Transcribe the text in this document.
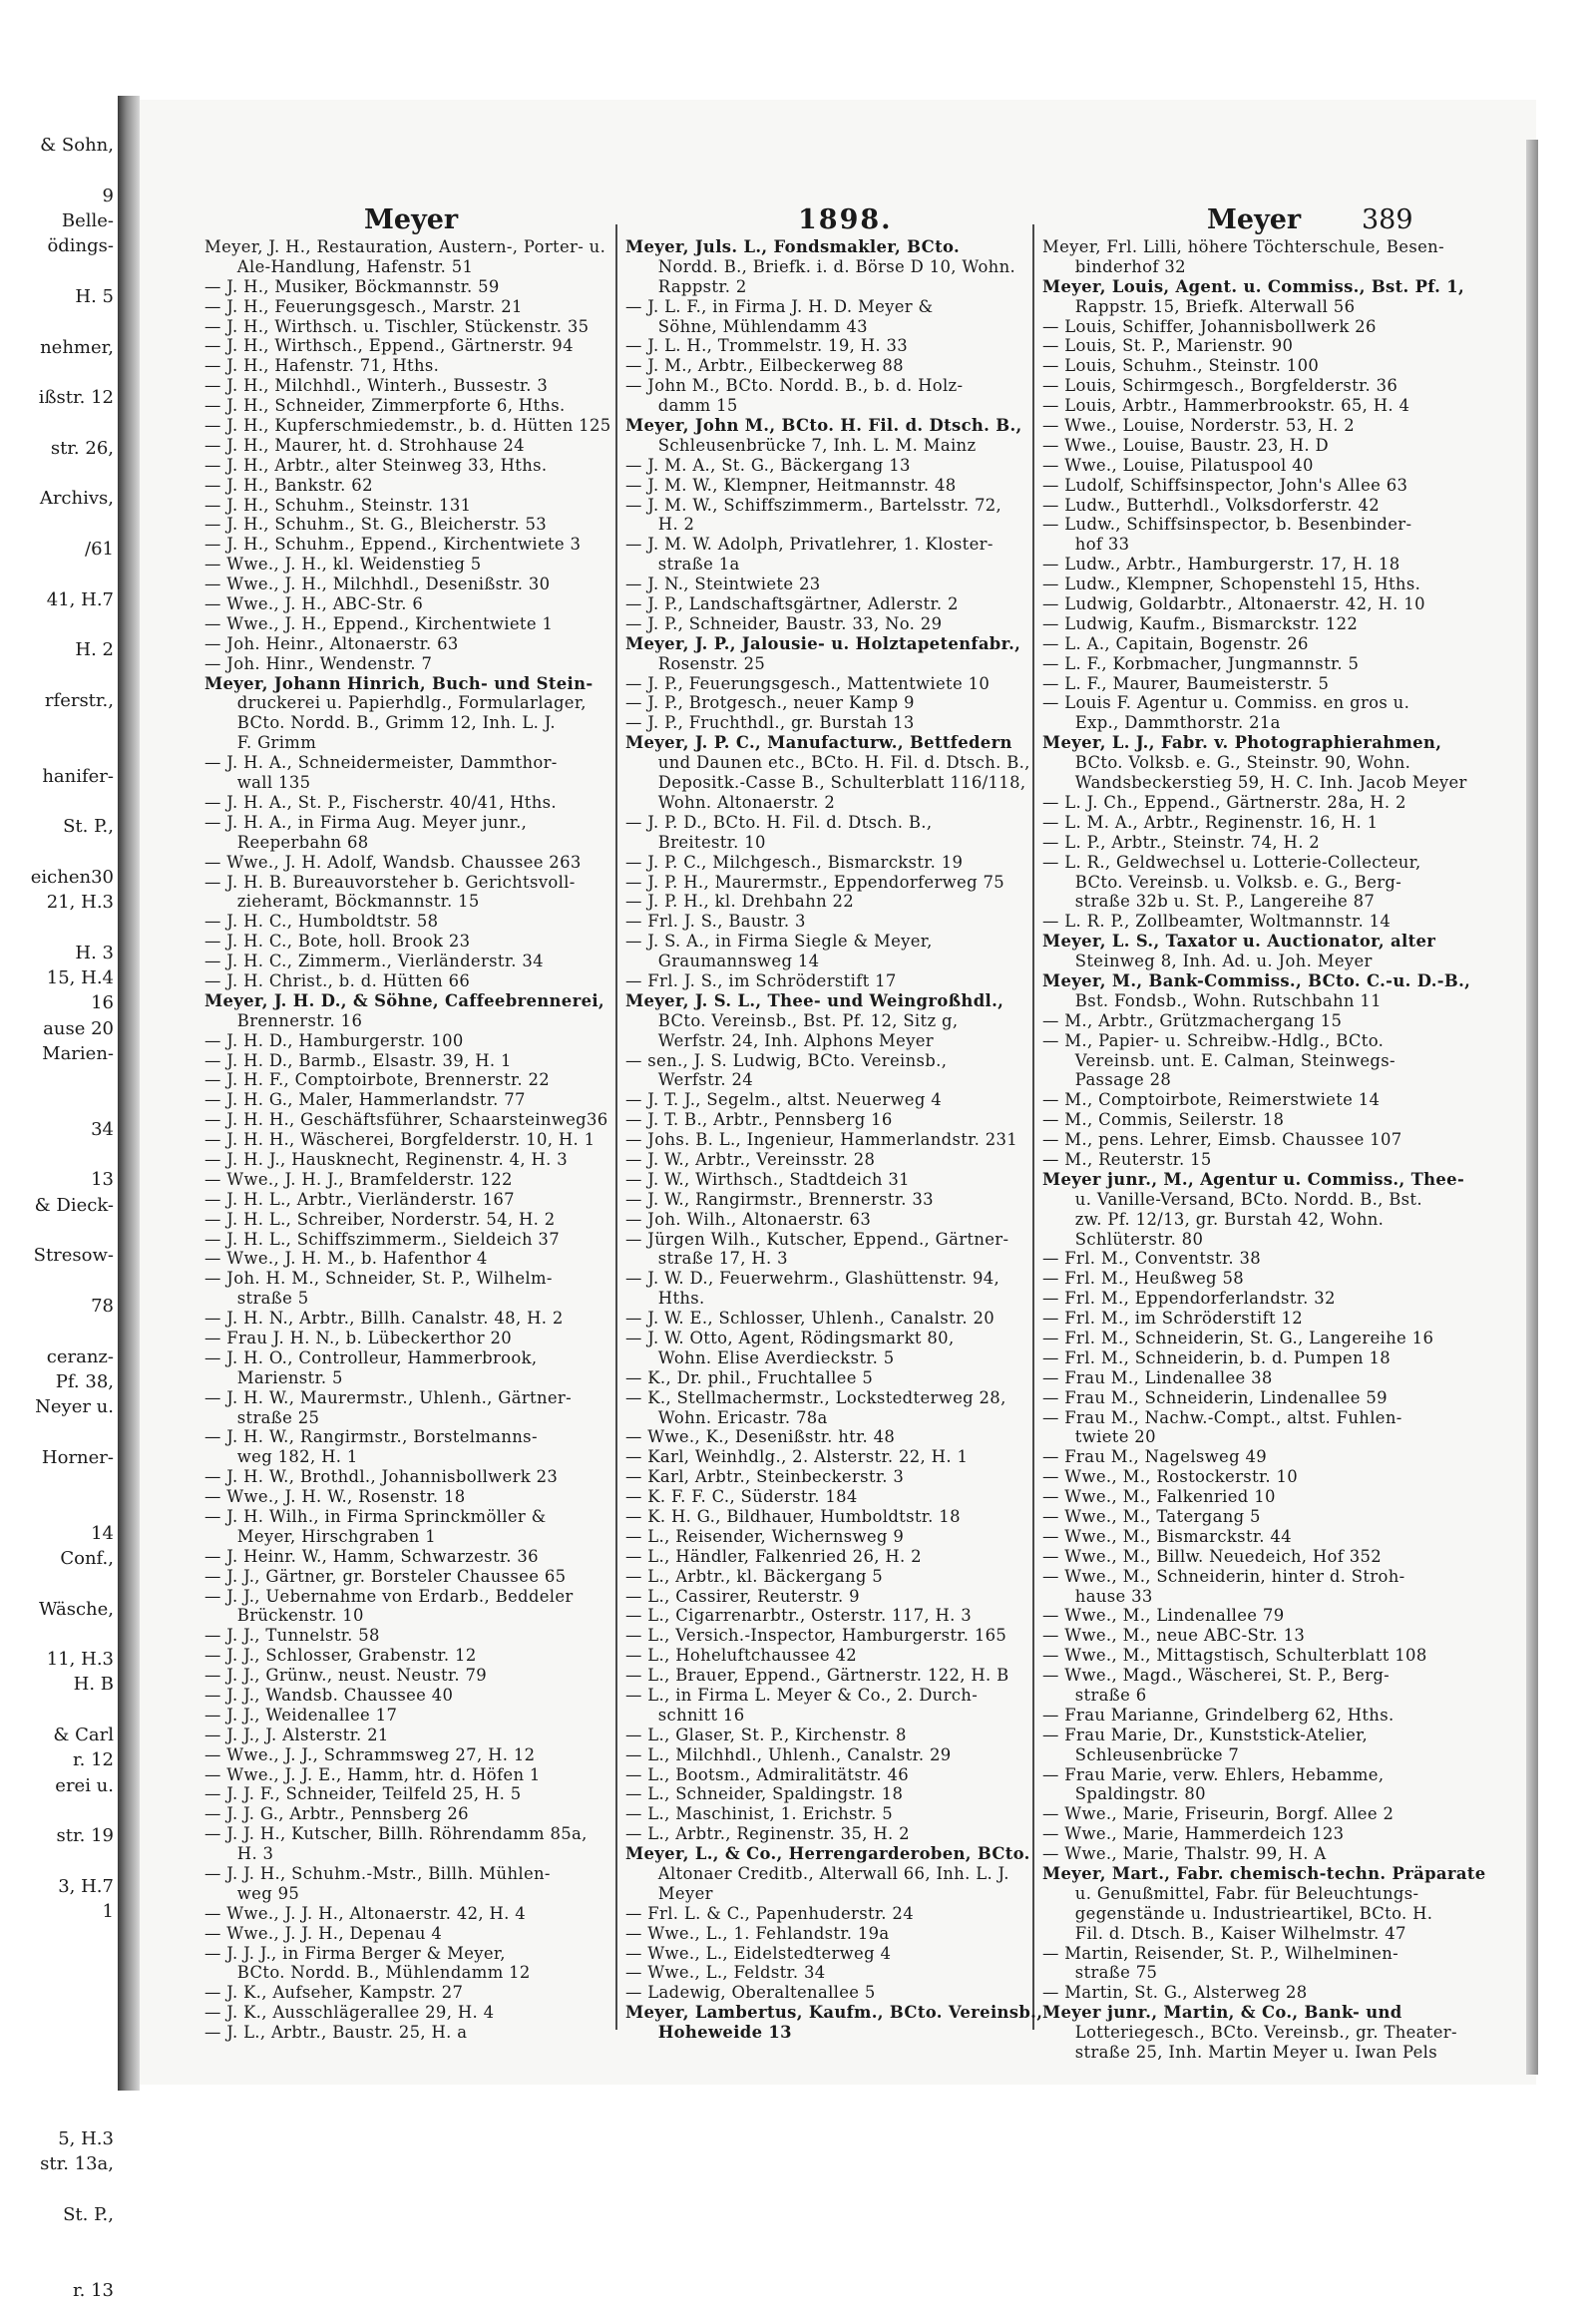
& Sohn,
9
Belle-
ödings-
H. 5
nehmer,
ißstr. 12
str. 26,
Archivs,
/61
41, H.7
H. 2
rferstr.,
hanifer-
St. P.,
eichen30
21, H.3
H. 3
15, H.4
16
ause 20
Marien-
34
13
& Dieck-
Stresow-
78
ceranz-
Pf. 38,
Neyer u.
Horner-
14
Conf.,
Wäsche,
11, H.3
H. B
& Carl
r. 12
erei u.
str. 19
3, H.7
1
5, H.3
str. 13a,
St. P.,
r. 13
Meyer	1898.	Meyer 389
Meyer, J. H., Restauration, Austern-, Porter- u.
Ale-Handlung, Hafenstr. 51
— J. H., Musiker, Böckmannstr. 59
— J. H., Feuerungsgesch., Marstr. 21
— J. H., Wirthsch. u. Tischler, Stückenstr. 35
— J. H., Wirthsch., Eppend., Gärtnerstr. 94
— J. H., Hafenstr. 71, Hths.
— J. H., Milchhdl., Winterh., Bussestr. 3
— J. H., Schneider, Zimmerpforte 6, Hths.
— J. H., Kupferschmiedemstr., b. d. Hütten 125
— J. H., Maurer, ht. d. Strohhause 24
— J. H., Arbtr., alter Steinweg 33, Hths.
— J. H., Bankstr. 62
— J. H., Schuhm., Steinstr. 131
— J. H., Schuhm., St. G., Bleicherstr. 53
— J. H., Schuhm., Eppend., Kirchentwiete 3
— Wwe., J. H., kl. Weidenstieg 5
— Wwe., J. H., Milchhdl., Desenißstr. 30
— Wwe., J. H., ABC-Str. 6
— Wwe., J. H., Eppend., Kirchentwiete 1
— Joh. Heinr., Altonaerstr. 63
— Joh. Hinr., Wendenstr. 7
Meyer, Johann Hinrich, Buch- und Stein-
druckerei u. Papierhdlg., Formularlager,
BCto. Nordd. B., Grimm 12, Inh. L. J.
F. Grimm
— J. H. A., Schneidermeister, Dammthor-
wall 135
— J. H. A., St. P., Fischerstr. 40/41, Hths.
— J. H. A., in Firma Aug. Meyer junr.,
Reeperbahn 68
— Wwe., J. H. Adolf, Wandsb. Chaussee 263
— J. H. B. Bureauvorsteher b. Gerichtsvoll-
zieheramt, Böckmannstr. 15
— J. H. C., Humboldtstr. 58
— J. H. C., Bote, holl. Brook 23
— J. H. C., Zimmerm., Vierländerstr. 34
— J. H. Christ., b. d. Hütten 66
Meyer, J. H. D., & Söhne, Caffeebrennerei,
Brennerstr. 16
— J. H. D., Hamburgerstr. 100
— J. H. D., Barmb., Elsastr. 39, H. 1
— J. H. F., Comptoirbote, Brennerstr. 22
— J. H. G., Maler, Hammerlandstr. 77
— J. H. H., Geschäftsführer, Schaarsteinweg36
— J. H. H., Wäscherei, Borgfelderstr. 10, H. 1
— J. H. J., Hausknecht, Reginenstr. 4, H. 3
— Wwe., J. H. J., Bramfelderstr. 122
— J. H. L., Arbtr., Vierländerstr. 167
— J. H. L., Schreiber, Norderstr. 54, H. 2
— J. H. L., Schiffszimmerm., Sieldeich 37
— Wwe., J. H. M., b. Hafenthor 4
— Joh. H. M., Schneider, St. P., Wilhelm-
straße 5
— J. H. N., Arbtr., Billh. Canalstr. 48, H. 2
— Frau J. H. N., b. Lübeckerthor 20
— J. H. O., Controlleur, Hammerbrook,
Marienstr. 5
— J. H. W., Maurermstr., Uhlenh., Gärtner-
straße 25
— J. H. W., Rangirmstr., Borstelmanns-
weg 182, H. 1
— J. H. W., Brothdl., Johannisbollwerk 23
— Wwe., J. H. W., Rosenstr. 18
— J. H. Wilh., in Firma Sprinckmöller &
Meyer, Hirschgraben 1
— J. Heinr. W., Hamm, Schwarzestr. 36
— J. J., Gärtner, gr. Borsteler Chaussee 65
— J. J., Uebernahme von Erdarb., Beddeler
Brückenstr. 10
— J. J., Tunnelstr. 58
— J. J., Schlosser, Grabenstr. 12
— J. J., Grünw., neust. Neustr. 79
— J. J., Wandsb. Chaussee 40
— J. J., Weidenallee 17
— J. J., J. Alsterstr. 21
— Wwe., J. J., Schrammsweg 27, H. 12
— Wwe., J. J. E., Hamm, htr. d. Höfen 1
— J. J. F., Schneider, Teilfeld 25, H. 5
— J. J. G., Arbtr., Pennsberg 26
— J. J. H., Kutscher, Billh. Röhrendamm 85a,
H. 3
— J. J. H., Schuhm.-Mstr., Billh. Mühlen-
weg 95
— Wwe., J. J. H., Altonaerstr. 42, H. 4
— Wwe., J. J. H., Depenau 4
— J. J. J., in Firma Berger & Meyer,
BCto. Nordd. B., Mühlendamm 12
— J. K., Aufseher, Kampstr. 27
— J. K., Ausschlägerallee 29, H. 4
— J. L., Arbtr., Baustr. 25, H. a
Meyer, Juls. L., Fondsmakler, BCto.
Nordd. B., Briefk. i. d. Börse D 10, Wohn.
Rappstr. 2
— J. L. F., in Firma J. H. D. Meyer &
Söhne, Mühlendamm 43
— J. L. H., Trommelstr. 19, H. 33
— J. M., Arbtr., Eilbeckerweg 88
— John M., BCto. Nordd. B., b. d. Holz-
damm 15
Meyer, John M., BCto. H. Fil. d. Dtsch. B.,
Schleusenbrücke 7, Inh. L. M. Mainz
— J. M. A., St. G., Bäckergang 13
— J. M. W., Klempner, Heitmannstr. 48
— J. M. W., Schiffszimmerm., Bartelsstr. 72,
H. 2
— J. M. W. Adolph, Privatlehrer, 1. Kloster-
straße 1a
— J. N., Steintwiete 23
— J. P., Landschaftsgärtner, Adlerstr. 2
— J. P., Schneider, Baustr. 33, No. 29
Meyer, J. P., Jalousie- u. Holztapetenfabr.,
Rosenstr. 25
— J. P., Feuerungsgesch., Mattentwiete 10
— J. P., Brotgesch., neuer Kamp 9
— J. P., Fruchthdl., gr. Burstah 13
Meyer, J. P. C., Manufacturw., Bettfedern
und Daunen etc., BCto. H. Fil. d. Dtsch. B.,
Depositk.-Casse B., Schulterblatt 116/118,
Wohn. Altonaerstr. 2
— J. P. D., BCto. H. Fil. d. Dtsch. B.,
Breitestr. 10
— J. P. C., Milchgesch., Bismarckstr. 19
— J. P. H., Maurermstr., Eppendorferweg 75
— J. P. H., kl. Drehbahn 22
— Frl. J. S., Baustr. 3
— J. S. A., in Firma Siegle & Meyer,
Graumannsweg 14
— Frl. J. S., im Schröderstift 17
Meyer, J. S. L., Thee- und Weingroßhdl.,
BCto. Vereinsb., Bst. Pf. 12, Sitz g,
Werfstr. 24, Inh. Alphons Meyer
— sen., J. S. Ludwig, BCto. Vereinsb.,
Werfstr. 24
— J. T. J., Segelm., altst. Neuerweg 4
— J. T. B., Arbtr., Pennsberg 16
— Johs. B. L., Ingenieur, Hammerlandstr. 231
— J. W., Arbtr., Vereinsstr. 28
— J. W., Wirthsch., Stadtdeich 31
— J. W., Rangirmstr., Brennerstr. 33
— Joh. Wilh., Altonaerstr. 63
— Jürgen Wilh., Kutscher, Eppend., Gärtner-
straße 17, H. 3
— J. W. D., Feuerwehrm., Glashüttenstr. 94,
Hths.
— J. W. E., Schlosser, Uhlenh., Canalstr. 20
— J. W. Otto, Agent, Rödingsmarkt 80,
Wohn. Elise Averdieckstr. 5
— K., Dr. phil., Fruchtallee 5
— K., Stellmachermstr., Lockstedterweg 28,
Wohn. Ericastr. 78a
— Wwe., K., Desenißstr. htr. 48
— Karl, Weinhdlg., 2. Alsterstr. 22, H. 1
— Karl, Arbtr., Steinbeckerstr. 3
— K. F. F. C., Süderstr. 184
— K. H. G., Bildhauer, Humboldtstr. 18
— L., Reisender, Wichernsweg 9
— L., Händler, Falkenried 26, H. 2
— L., Arbtr., kl. Bäckergang 5
— L., Cassirer, Reuterstr. 9
— L., Cigarrenarbtr., Osterstr. 117, H. 3
— L., Versich.-Inspector, Hamburgerstr. 165
— L., Hoheluftchaussee 42
— L., Brauer, Eppend., Gärtnerstr. 122, H. B
— L., in Firma L. Meyer & Co., 2. Durch-
schnitt 16
— L., Glaser, St. P., Kirchenstr. 8
— L., Milchhdl., Uhlenh., Canalstr. 29
— L., Bootsm., Admiralitätstr. 46
— L., Schneider, Spaldingstr. 18
— L., Maschinist, 1. Erichstr. 5
— L., Arbtr., Reginenstr. 35, H. 2
Meyer, L., & Co., Herrengarderoben, BCto.
Altonaer Creditb., Alterwall 66, Inh. L. J.
Meyer
— Frl. L. & C., Papenhuderstr. 24
— Wwe., L., 1. Fehlandstr. 19a
— Wwe., L., Eidelstedterweg 4
— Wwe., L., Feldstr. 34
— Ladewig, Oberaltenallee 5
Meyer, Lambertus, Kaufm., BCto. Vereinsb.,
Hoheweide 13
Meyer, Frl. Lilli, höhere Töchterschule, Besen-
binderhof 32
Meyer, Louis, Agent. u. Commiss., Bst. Pf. 1,
Rappstr. 15, Briefk. Alterwall 56
— Louis, Schiffer, Johannisbollwerk 26
— Louis, St. P., Marienstr. 90
— Louis, Schuhm., Steinstr. 100
— Louis, Schirmgesch., Borgfelderstr. 36
— Louis, Arbtr., Hammerbrookstr. 65, H. 4
— Wwe., Louise, Norderstr. 53, H. 2
— Wwe., Louise, Baustr. 23, H. D
— Wwe., Louise, Pilatuspool 40
— Ludolf, Schiffsinspector, John's Allee 63
— Ludw., Butterhdl., Volksdorferstr. 42
— Ludw., Schiffsinspector, b. Besenbinder-
hof 33
— Ludw., Arbtr., Hamburgerstr. 17, H. 18
— Ludw., Klempner, Schopenstehl 15, Hths.
— Ludwig, Goldarbtr., Altonaerstr. 42, H. 10
— Ludwig, Kaufm., Bismarckstr. 122
— L. A., Capitain, Bogenstr. 26
— L. F., Korbmacher, Jungmannstr. 5
— L. F., Maurer, Baumeisterstr. 5
— Louis F. Agentur u. Commiss. en gros u.
Exp., Dammthorstr. 21a
Meyer, L. J., Fabr. v. Photographierahmen,
BCto. Volksb. e. G., Steinstr. 90, Wohn.
Wandsbeckerstieg 59, H. C. Inh. Jacob Meyer
— L. J. Ch., Eppend., Gärtnerstr. 28a, H. 2
— L. M. A., Arbtr., Reginenstr. 16, H. 1
— L. P., Arbtr., Steinstr. 74, H. 2
— L. R., Geldwechsel u. Lotterie-Collecteur,
BCto. Vereinsb. u. Volksb. e. G., Berg-
straße 32b u. St. P., Langereihe 87
— L. R. P., Zollbeamter, Woltmannstr. 14
Meyer, L. S., Taxator u. Auctionator, alter
Steinweg 8, Inh. Ad. u. Joh. Meyer
Meyer, M., Bank-Commiss., BCto. C.-u. D.-B.,
Bst. Fondsb., Wohn. Rutschbahn 11
— M., Arbtr., Grützmachergang 15
— M., Papier- u. Schreibw.-Hdlg., BCto.
Vereinsb. unt. E. Calman, Steinwegs-
Passage 28
— M., Comptoirbote, Reimerstwiete 14
— M., Commis, Seilerstr. 18
— M., pens. Lehrer, Eimsb. Chaussee 107
— M., Reuterstr. 15
Meyer junr., M., Agentur u. Commiss., Thee-
u. Vanille-Versand, BCto. Nordd. B., Bst.
zw. Pf. 12/13, gr. Burstah 42, Wohn.
Schlüterstr. 80
— Frl. M., Conventstr. 38
— Frl. M., Heußweg 58
— Frl. M., Eppendorferlandstr. 32
— Frl. M., im Schröderstift 12
— Frl. M., Schneiderin, St. G., Langereihe 16
— Frl. M., Schneiderin, b. d. Pumpen 18
— Frau M., Lindenallee 38
— Frau M., Schneiderin, Lindenallee 59
— Frau M., Nachw.-Compt., altst. Fuhlen-
twiete 20
— Frau M., Nagelsweg 49
— Wwe., M., Rostockerstr. 10
— Wwe., M., Falkenried 10
— Wwe., M., Tatergang 5
— Wwe., M., Bismarckstr. 44
— Wwe., M., Billw. Neuedeich, Hof 352
— Wwe., M., Schneiderin, hinter d. Stroh-
hause 33
— Wwe., M., Lindenallee 79
— Wwe., M., neue ABC-Str. 13
— Wwe., M., Mittagstisch, Schulterblatt 108
— Wwe., Magd., Wäscherei, St. P., Berg-
straße 6
— Frau Marianne, Grindelberg 62, Hths.
— Frau Marie, Dr., Kunststick-Atelier,
Schleusenbrücke 7
— Frau Marie, verw. Ehlers, Hebamme,
Spaldingstr. 80
— Wwe., Marie, Friseurin, Borgf. Allee 2
— Wwe., Marie, Hammerdeich 123
— Wwe., Marie, Thalstr. 99, H. A
Meyer, Mart., Fabr. chemisch-techn. Präparate
u. Genußmittel, Fabr. für Beleuchtungs-
gegenstände u. Industrieartikel, BCto. H.
Fil. d. Dtsch. B., Kaiser Wilhelmstr. 47
— Martin, Reisender, St. P., Wilhelminen-
straße 75
— Martin, St. G., Alsterweg 28
Meyer junr., Martin, & Co., Bank- und
Lotteriegesch., BCto. Vereinsb., gr. Theater-
straße 25, Inh. Martin Meyer u. Iwan Pels
